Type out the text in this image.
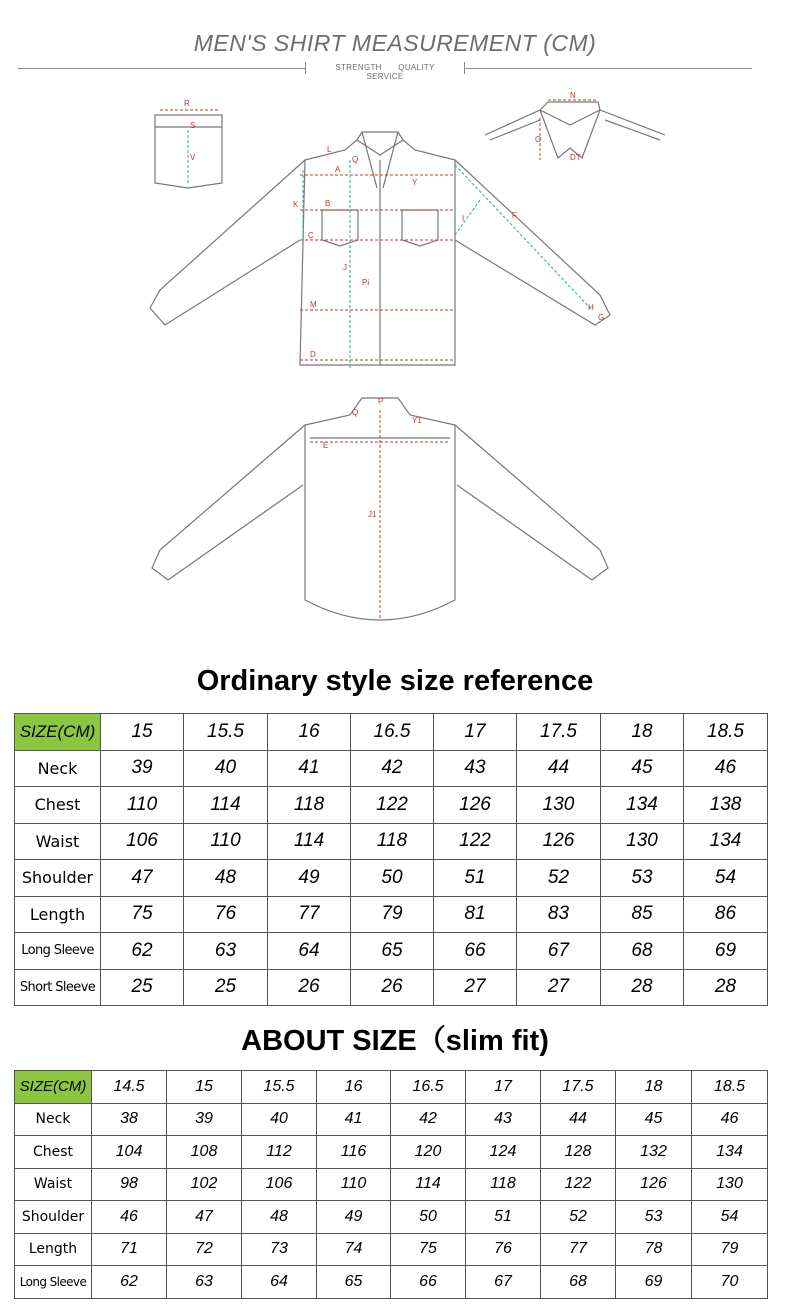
MEN'S SHIRT MEASUREMENT (CM)
STRENGTH QUALITY SERVICE
R
S
V
N
O
DT
L
A
Q
Y
B
C
K
I	F
J
Pi
M
D
H
G
P
Q
Y1
E
J1
Ordinary style size reference
SIZE(CM)	15	15.5	16	16.5	17	17.5	18	18.5
Neck	39	40	41	42	43	44	45	46
Chest	110	114	118	122	126	130	134	138
Waist	106	110	114	118	122	126	130	134
Shoulder	47	48	49	50	51	52	53	54
Length	75	76	77	79	81	83	85	86
Long Sleeve	62	63	64	65	66	67	68	69
Short Sleeve	25	25	26	26	27	27	28	28
ABOUT SIZE（slim fit)
SIZE(CM)	14.5	15	15.5	16	16.5	17	17.5	18	18.5
Neck	38	39	40	41	42	43	44	45	46
Chest	104	108	112	116	120	124	128	132	134
Waist	98	102	106	110	114	118	122	126	130
Shoulder	46	47	48	49	50	51	52	53	54
Length	71	72	73	74	75	76	77	78	79
Long Sleeve	62	63	64	65	66	67	68	69	70
